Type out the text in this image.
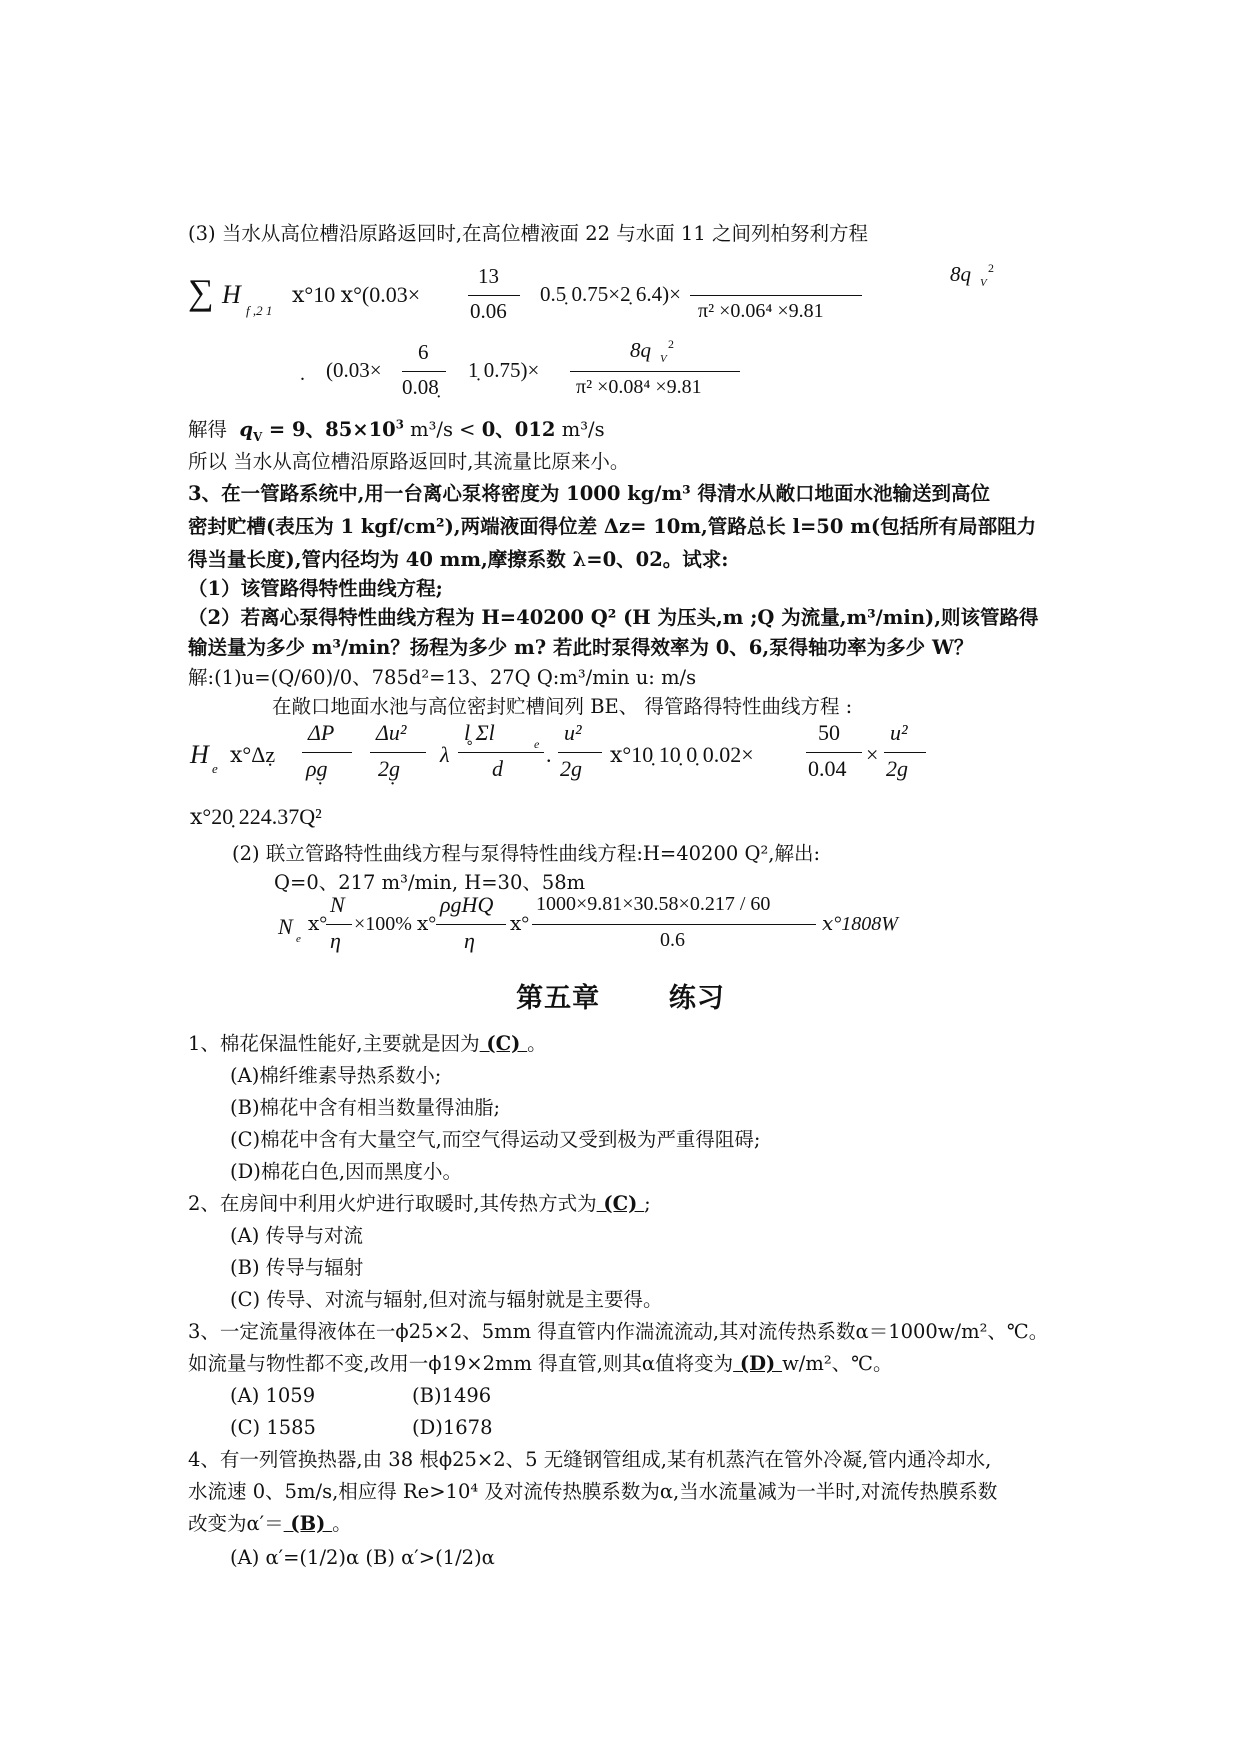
(3) 当水从高位槽沿原路返回时,在高位槽液面 22 与水面 11 之间列柏努利方程
∑ H
f ,2 1
ⅹ°10 ⅹ°(0.03×
13
0.06
0.5̣ 0.75×2̣ 6.4)×
8q V
2
π² ×0.06⁴ ×9.81
. (0.03×
6
0.08̣
1̣ 0.75)×
8q V
2
π² ×0.08⁴ ×9.81
解得 $q_V = 9$、$85\times 10^3$ m³/s < 0、012 m³/s
所以 当水从高位槽沿原路返回时,其流量比原来小。
3、在一管路系统中,用一台离心泵将密度为 1000 kg/m³ 得清水从敞口地面水池输送到高位
密封贮槽(表压为 1 kgf/cm²),两端液面得位差 Δz= 10m,管路总长 l=50 m(包括所有局部阻力
得当量长度),管内径均为 40 mm,摩擦系数 λ=0、02。试求:
（1）该管路得特性曲线方程;
（2）若离心泵得特性曲线方程为 H=40200 Q² (H 为压头,m ;Q 为流量,m³/min),则该管路得
输送量为多少 m³/min？扬程为多少 m? 若此时泵得效率为 0、6,泵得轴功率为多少 W？
解:(1)u=(Q/60)/0、785d²=13、27Q Q:m³/min u: m/s
在敞口地面水池与高位密封贮槽间列 BE、 得管路得特性曲线方程 :
H e
ⅹ°Δẓ
ΔP
ρg̣
Δu²
2g̣
λ
l̥ Σl	e
d
.
u²
2g
ⅹ°10̣ 10̣ 0̣ 0.02×
50
0.04
×
u²
2g
ⅹ°20̣ 224.37Q²
(2) 联立管路特性曲线方程与泵得特性曲线方程:H=40200 Q²,解出:
Q=0、217 m³/min, H=30、58m
N e
ⅹ°
N
η
×100% ⅹ°
ρgHQ
η
ⅹ°
1000×9.81×30.58×0.217 / 60
0.6
ⅹ°1808W
第五章	练习
1、棉花保温性能好,主要就是因为 (C) 。
(A)棉纤维素导热系数小;
(B)棉花中含有相当数量得油脂;
(C)棉花中含有大量空气,而空气得运动又受到极为严重得阻碍;
(D)棉花白色,因而黑度小。
2、在房间中利用火炉进行取暖时,其传热方式为 (C) ;
(A) 传导与对流
(B) 传导与辐射
(C) 传导、对流与辐射,但对流与辐射就是主要得。
3、一定流量得液体在一ϕ25×2、5mm 得直管内作湍流流动,其对流传热系数α＝1000w/m²、℃。
如流量与物性都不变,改用一ϕ19×2mm 得直管,则其α值将变为 (D) w/m²、℃。
(A) 1059	(B)1496
(C) 1585	(D)1678
4、有一列管换热器,由 38 根ϕ25×2、5 无缝钢管组成,某有机蒸汽在管外冷凝,管内通冷却水,
水流速 0、5m/s,相应得 Re>10⁴ 及对流传热膜系数为α,当水流量减为一半时,对流传热膜系数
改变为α′＝ (B) 。
(A) α′=(1/2)α (B) α′>(1/2)α
